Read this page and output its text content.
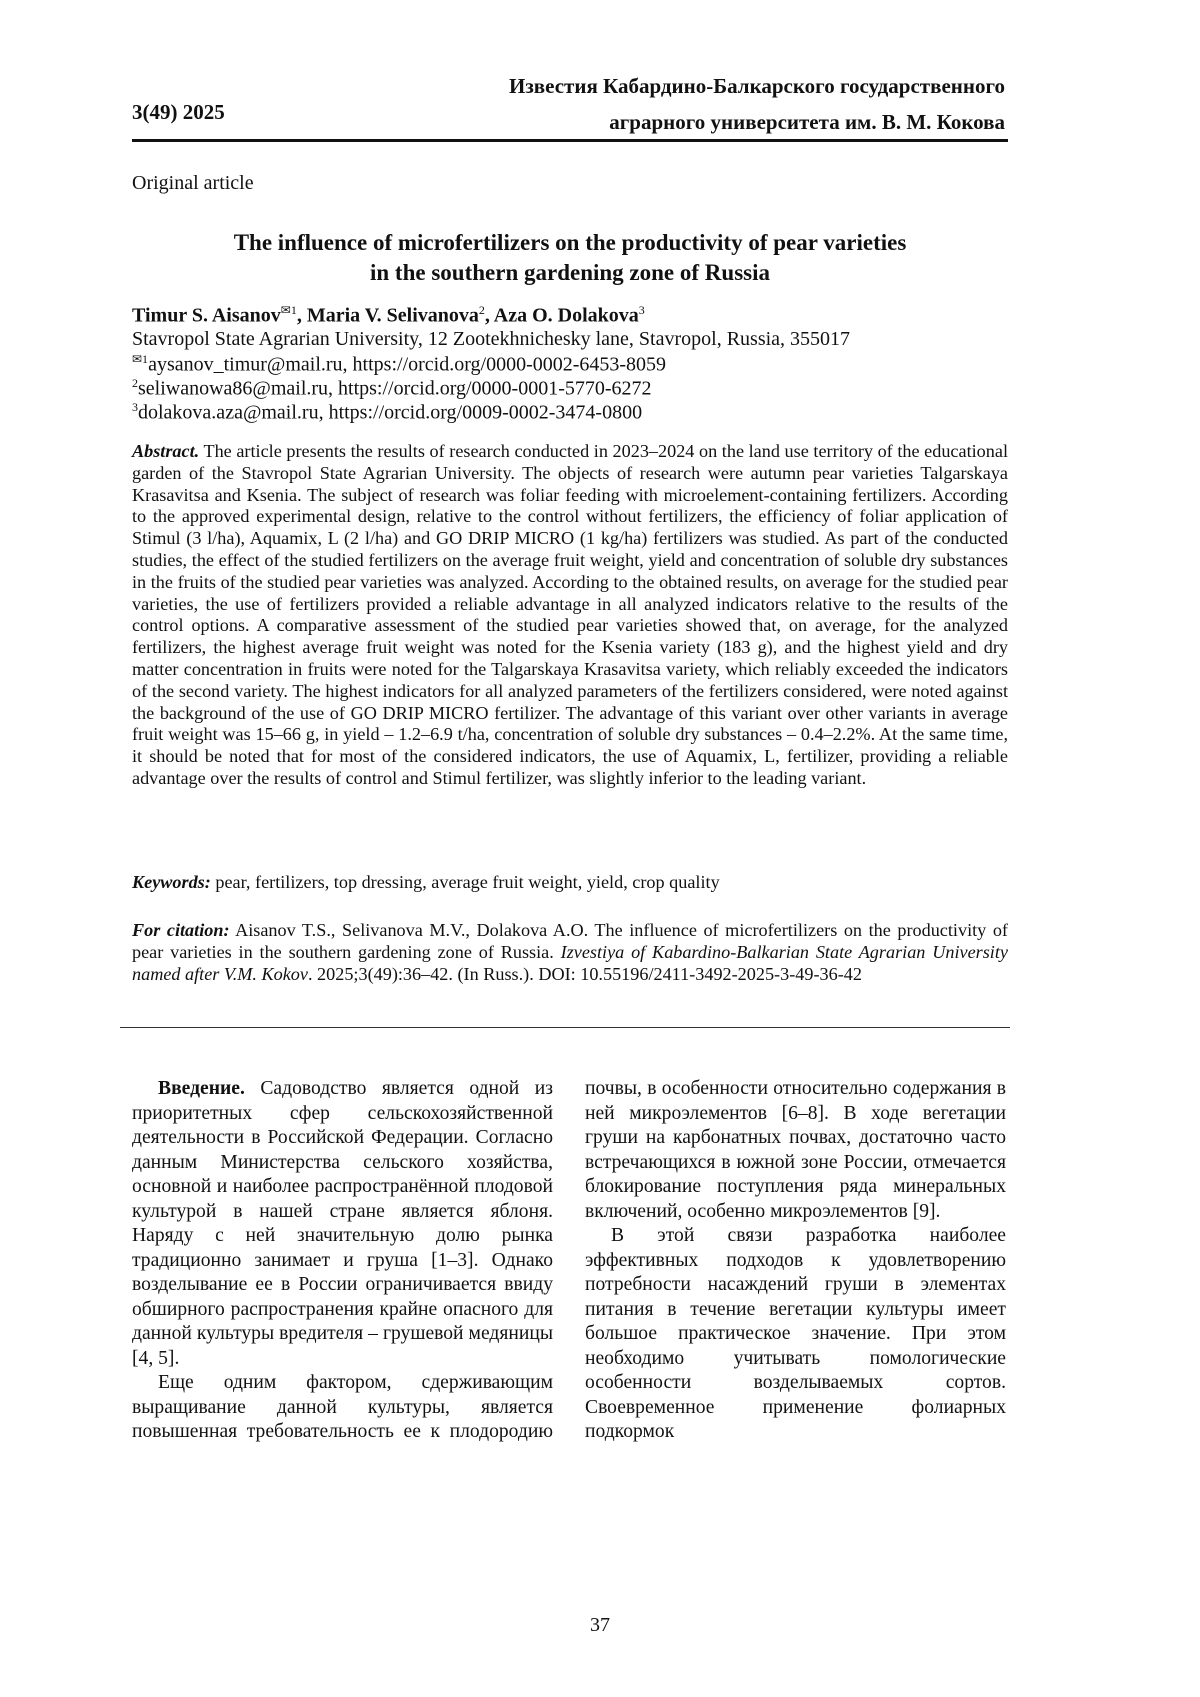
3(49) 2025
Известия Кабардино-Балкарского государственного
аграрного университета им. В. М. Кокова
Original article
The influence of microfertilizers on the productivity of pear varieties
in the southern gardening zone of Russia
Timur S. Aisanov✉1, Maria V. Selivanova2, Aza O. Dolakova3
Stavropol State Agrarian University, 12 Zootekhnichesky lane, Stavropol, Russia, 355017
✉1aysanov_timur@mail.ru, https://orcid.org/0000-0002-6453-8059
2seliwanowa86@mail.ru, https://orcid.org/0000-0001-5770-6272
3dolakova.aza@mail.ru, https://orcid.org/0009-0002-3474-0800
Abstract. The article presents the results of research conducted in 2023–2024 on the land use territory of the educational garden of the Stavropol State Agrarian University. The objects of research were autumn pear varieties Talgarskaya Krasavitsa and Ksenia. The subject of research was foliar feeding with microelement-containing fertilizers. According to the approved experimental design, relative to the control without fertilizers, the efficiency of foliar application of Stimul (3 l/ha), Aquamix, L (2 l/ha) and GO DRIP MICRO (1 kg/ha) fertilizers was studied. As part of the conducted studies, the effect of the studied fertilizers on the average fruit weight, yield and concentration of soluble dry substances in the fruits of the studied pear varieties was analyzed. According to the obtained results, on average for the studied pear varieties, the use of fertilizers provided a reliable advantage in all analyzed indicators relative to the results of the control options. A comparative assessment of the studied pear varieties showed that, on average, for the analyzed fertilizers, the highest average fruit weight was noted for the Ksenia variety (183 g), and the highest yield and dry matter concentration in fruits were noted for the Talgarskaya Krasavitsa variety, which reliably exceeded the indicators of the second variety. The highest indicators for all analyzed parameters of the fertilizers considered, were noted against the background of the use of GO DRIP MICRO fertilizer. The advantage of this variant over other variants in average fruit weight was 15–66 g, in yield – 1.2–6.9 t/ha, concentration of soluble dry substances – 0.4–2.2%. At the same time, it should be noted that for most of the considered indicators, the use of Aquamix, L, fertilizer, providing a reliable advantage over the results of control and Stimul fertilizer, was slightly inferior to the leading variant.
Keywords: pear, fertilizers, top dressing, average fruit weight, yield, crop quality
For citation: Aisanov T.S., Selivanova M.V., Dolakova A.O. The influence of microfertilizers on the productivity of pear varieties in the southern gardening zone of Russia. Izvestiya of Kabardino-Balkarian State Agrarian University named after V.M. Kokov. 2025;3(49):36–42. (In Russ.). DOI: 10.55196/2411-3492-2025-3-49-36-42

Введение. Садоводство является одной из приоритетных сфер сельскохозяйственной деятельности в Российской Федерации. Согласно данным Министерства сельского хозяйства, основной и наиболее распространённой плодовой культурой в нашей стране является яблоня. Наряду с ней значительную долю рынка традиционно занимает и груша [1–3]. Однако возделывание ее в России ограничивается ввиду обширного распространения крайне опасного для данной культуры вредителя – грушевой медяницы [4, 5].

Еще одним фактором, сдерживающим выращивание данной культуры, является повышенная требовательность ее к плодородию

почвы, в особенности относительно содержания в ней микроэлементов [6–8]. В ходе вегетации груши на карбонатных почвах, достаточно часто встречающихся в южной зоне России, отмечается блокирование поступления ряда минеральных включений, особенно микроэлементов [9].

В этой связи разработка наиболее эффективных подходов к удовлетворению потребности насаждений груши в элементах питания в течение вегетации культуры имеет большое практическое значение. При этом необходимо учитывать помологические особенности возделываемых сортов. Своевременное применение фолиарных подкормок

37
